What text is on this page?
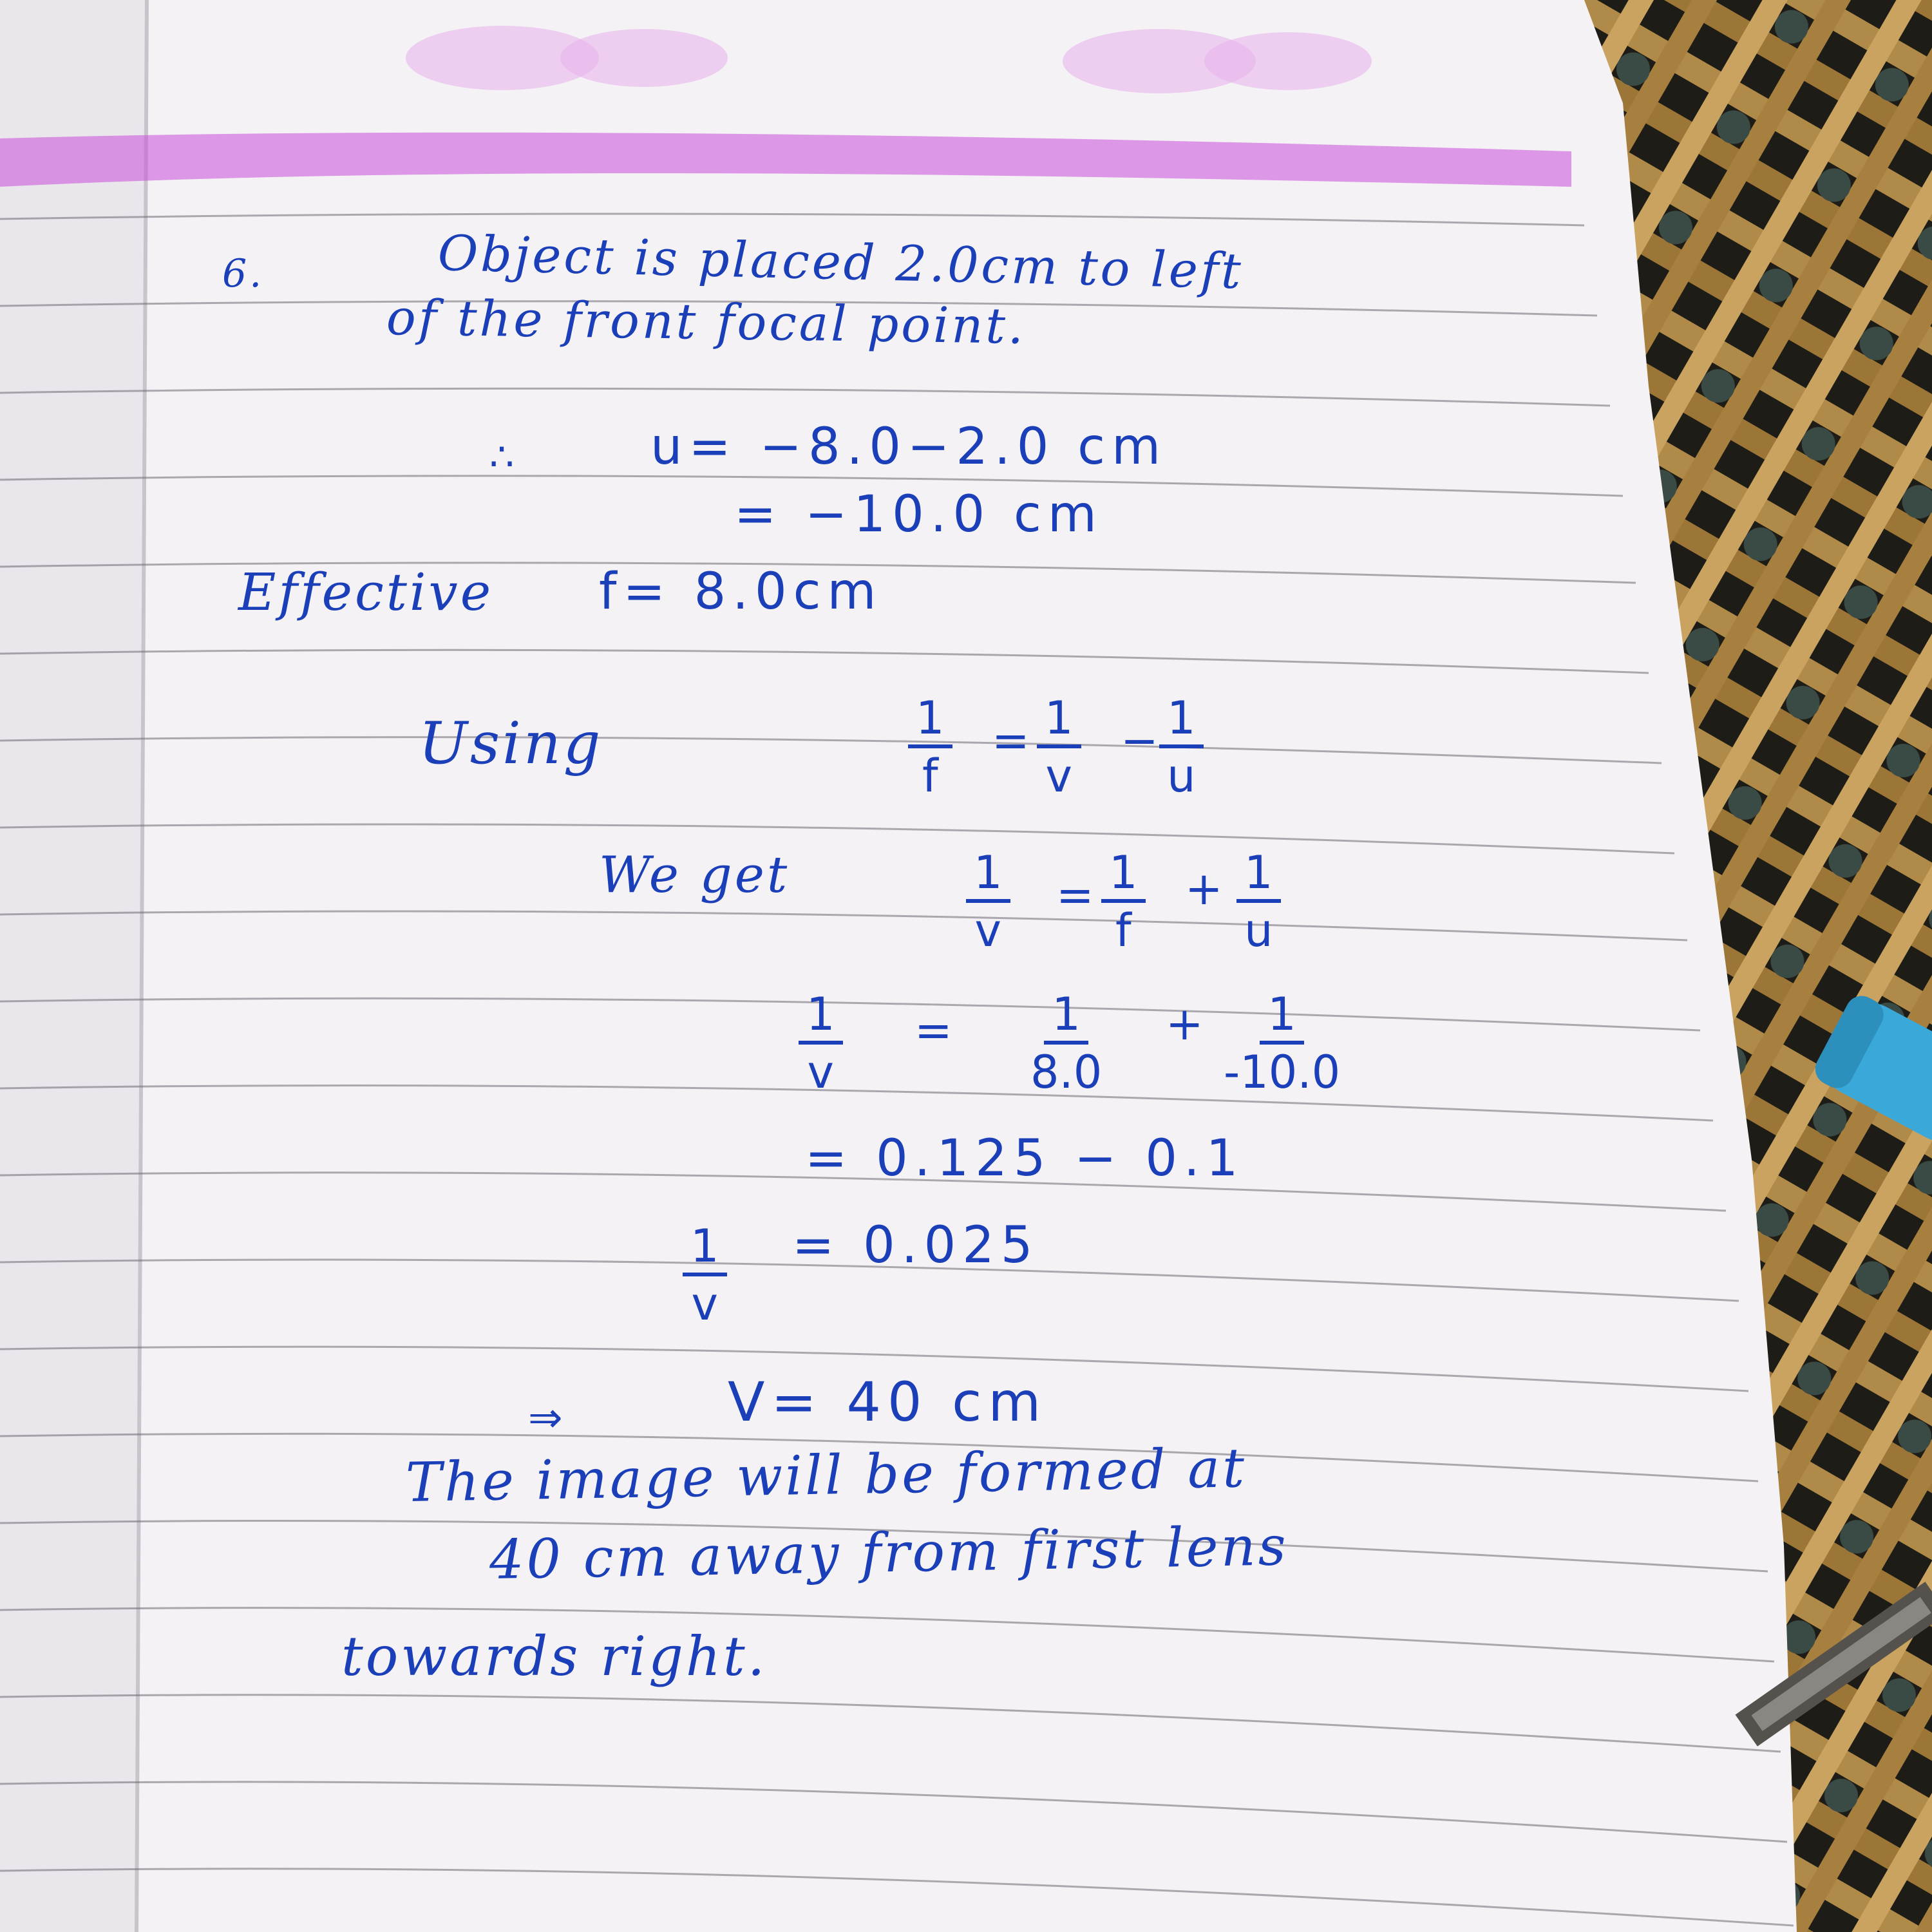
6.	Object is placed 2.0cm to left

of the front focal point.

∴	u= −8.0−2.0 cm

= −10.0 cm

Effective f= 8.0cm

Using	$\frac{1}{f} = \frac{1}{v} - \frac{1}{u}$

We get	$\frac{1}{v} = \frac{1}{f} + \frac{1}{u}$
$\frac{1}{v} = \frac{1}{8.0} + \frac{1}{-10.0}$

= 0.125 − 0.1

$\frac{1}{v} = 0.025$

⇒	V= 40 cm

The image will be formed at

40 cm away from first lens

towards right.
